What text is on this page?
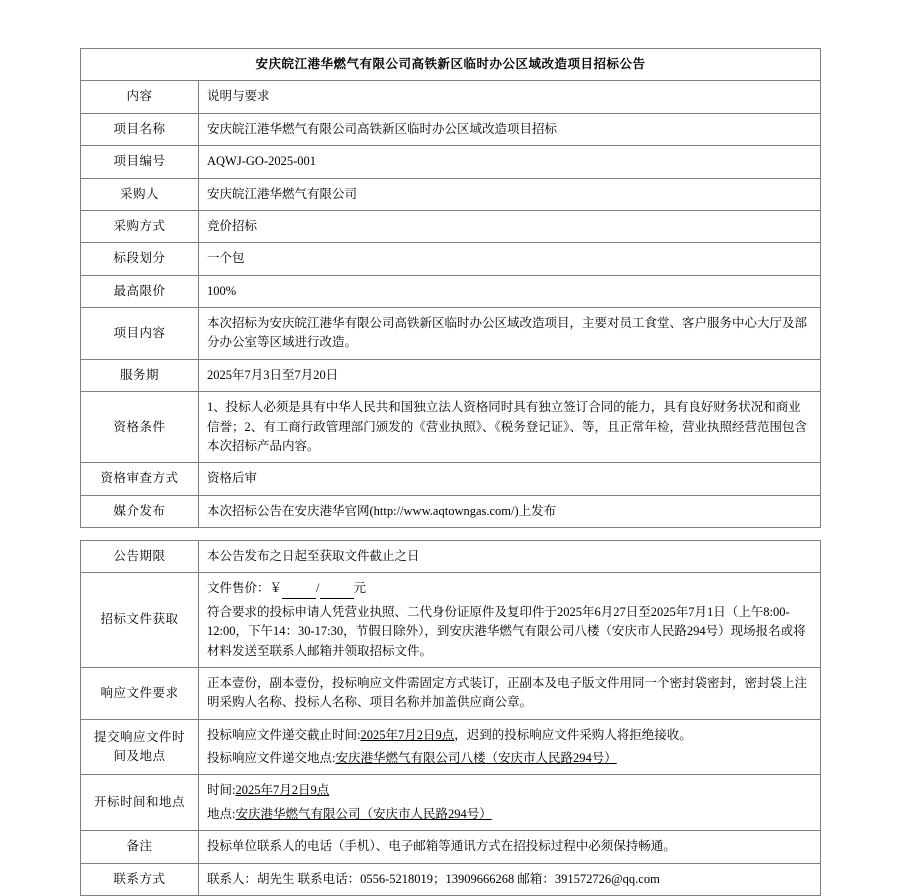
安庆皖江港华燃气有限公司高铁新区临时办公区域改造项目招标公告	
内容	说明与要求
项目名称	安庆皖江港华燃气有限公司高铁新区临时办公区域改造项目招标
项目编号	AQWJ-GO-2025-001
采购人	安庆皖江港华燃气有限公司
采购方式	竞价招标
标段划分	一个包
最高限价	100%
项目内容	本次招标为安庆皖江港华有限公司高铁新区临时办公区域改造项目，主要对员工食堂、客户服务中心大厅及部分办公室等区域进行改造。
服务期	2025年7月3日至7月20日
资格条件	1、投标人必须是具有中华人民共和国独立法人资格同时具有独立签订合同的能力，具有良好财务状况和商业信誉；2、有工商行政管理部门颁发的《营业执照》、《税务登记证》、等，且正常年检，营业执照经营范围包含本次招标产品内容。
资格审查方式	资格后审
媒介发布	本次招标公告在安庆港华官网(http://www.aqtowngas.com/)上发布
公告期限	本公告发布之日起至获取文件截止之日
招标文件获取	文件售价：￥ / 元

符合要求的投标申请人凭营业执照、二代身份证原件及复印件于2025年6月27日至2025年7月1日（上午8:00-12:00，下午14：30-17:30，节假日除外），到安庆港华燃气有限公司八楼（安庆市人民路294号）现场报名或将材料发送至联系人邮箱并领取招标文件。

响应文件要求	正本壹份，副本壹份，投标响应文件需固定方式装订，正副本及电子版文件用同一个密封袋密封，密封袋上注明采购人名称、投标人名称、项目名称并加盖供应商公章。
提交响应文件时间及地点	投标响应文件递交截止时间:2025年7月2日9点，迟到的投标响应文件采购人将拒绝接收。

投标响应文件递交地点:安庆港华燃气有限公司八楼（安庆市人民路294号）

开标时间和地点	时间:2025年7月2日9点

地点:安庆港华燃气有限公司（安庆市人民路294号）

备注	投标单位联系人的电话（手机）、电子邮箱等通讯方式在招投标过程中必须保持畅通。
联系方式	联系人：胡先生 联系电话：0556-5218019；13909666268 邮箱：391572726@qq.com
